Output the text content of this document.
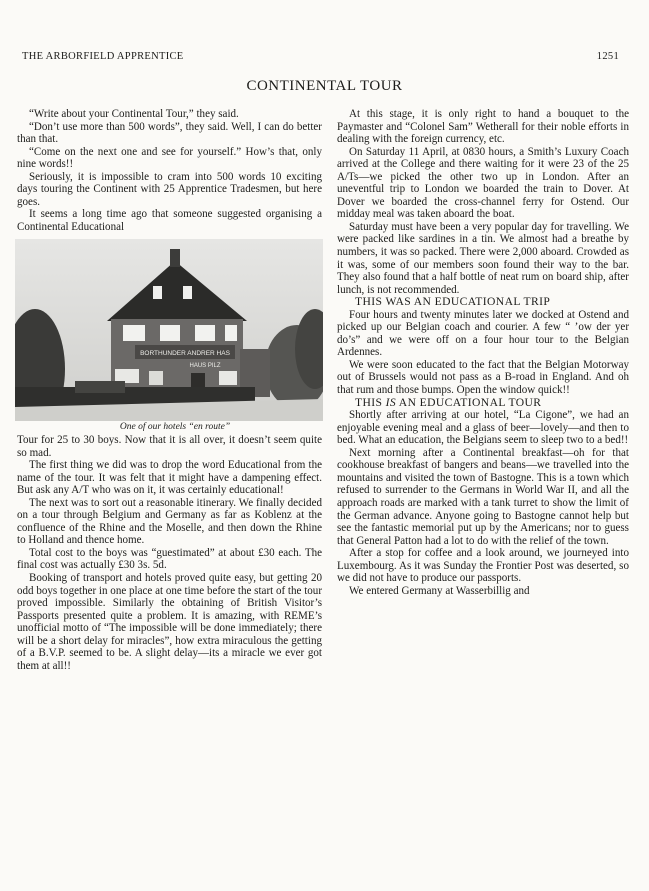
THE ARBORFIELD APPRENTICE	1251
CONTINENTAL TOUR

“Write about your Continental Tour,” they said.

“Don’t use more than 500 words”, they said. Well, I can do better than that.

“Come on the next one and see for yourself.” How’s that, only nine words!!

Seriously, it is impossible to cram into 500 words 10 exciting days touring the Continent with 25 Apprentice Tradesmen, but here goes.

It seems a long time ago that someone suggested organising a Continental Educational

BORTHUNDER ANDRER HAS
HAUS PILZ

One of our hotels “en route”

Tour for 25 to 30 boys. Now that it is all over, it doesn’t seem quite so mad.

The first thing we did was to drop the word Educational from the name of the tour. It was felt that it might have a dampening effect. But ask any A/T who was on it, it was certainly educational!

The next was to sort out a reasonable itinerary. We finally decided on a tour through Belgium and Germany as far as Koblenz at the confluence of the Rhine and the Moselle, and then down the Rhine to Holland and thence home.

Total cost to the boys was “guestimated” at about £30 each. The final cost was actually £30 3s. 5d.

Booking of transport and hotels proved quite easy, but getting 20 odd boys together in one place at one time before the start of the tour proved impossible. Similarly the obtaining of British Visitor’s Passports presented quite a problem. It is amazing, with REME’s unofficial motto of “The impossible will be done immediately; there will be a short delay for miracles”, how extra miraculous the getting of a B.V.P. seemed to be. A slight delay—its a miracle we ever got them at all!!

At this stage, it is only right to hand a bouquet to the Paymaster and “Colonel Sam” Wetherall for their noble efforts in dealing with the foreign currency, etc.

On Saturday 11 April, at 0830 hours, a Smith’s Luxury Coach arrived at the College and there waiting for it were 23 of the 25 A/Ts—we picked the other two up in London. After an uneventful trip to London we boarded the train to Dover. At Dover we boarded the cross-channel ferry for Ostend. Our midday meal was taken aboard the boat.

Saturday must have been a very popular day for travelling. We were packed like sardines in a tin. We almost had a breathe by numbers, it was so packed. There were 2,000 aboard. Crowded as it was, some of our members soon found their way to the bar. They also found that a half bottle of neat rum on board ship, after lunch, is not recommended.

THIS WAS AN EDUCATIONAL TRIP

Four hours and twenty minutes later we docked at Ostend and picked up our Belgian coach and courier. A few “ ’ow der yer do’s” and we were off on a four hour tour to the Belgian Ardennes.

We were soon educated to the fact that the Belgian Motorway out of Brussels would not pass as a B-road in England. And oh that rum and those bumps. Open the window quick!!

THIS IS AN EDUCATIONAL TOUR

Shortly after arriving at our hotel, “La Cigone”, we had an enjoyable evening meal and a glass of beer—lovely—and then to bed. What an education, the Belgians seem to sleep two to a bed!!

Next morning after a Continental breakfast—oh for that cookhouse breakfast of bangers and beans—we travelled into the mountains and visited the town of Bastogne. This is a town which refused to surrender to the Germans in World War II, and all the approach roads are marked with a tank turret to show the limit of the German advance. Anyone going to Bastogne cannot help but see the fantastic memorial put up by the Americans; nor to guess that General Patton had a lot to do with the relief of the town.

After a stop for coffee and a look around, we journeyed into Luxembourg. As it was Sunday the Frontier Post was deserted, so we did not have to produce our passports.

We entered Germany at Wasserbillig and
